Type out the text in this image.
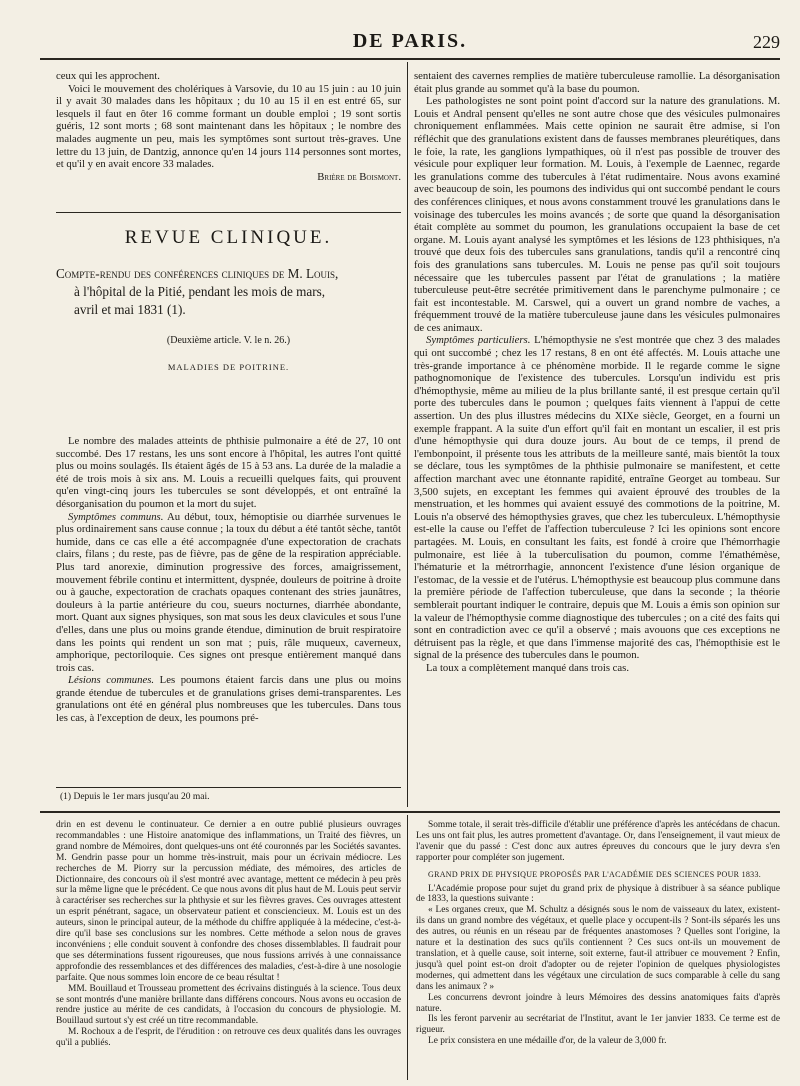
DE PARIS.	229

ceux qui les approchent.

Voici le mouvement des cholériques à Varsovie, du 10 au 15 juin : au 10 juin il y avait 30 malades dans les hôpitaux ; du 10 au 15 il en est entré 65, sur lesquels il faut en ôter 16 comme formant un double emploi ; 19 sont sortis guéris, 12 sont morts ; 68 sont maintenant dans les hôpitaux ; le nombre des malades augmente un peu, mais les symptômes sont surtout très-graves. Une lettre du 13 juin, de Dantzig, annonce qu'en 14 jours 114 personnes sont mortes, et qu'il y en avait encore 33 malades.

Brière de Boismont.

REVUE CLINIQUE.
Compte-rendu des conférences cliniques de M. Louis,
à l'hôpital de la Pitié, pendant les mois de mars,
avril et mai 1831 (1).
(Deuxième article. V. le n. 26.)
MALADIES DE POITRINE.

Le nombre des malades atteints de phthisie pulmonaire a été de 27, 10 ont succombé. Des 17 restans, les uns sont encore à l'hôpital, les autres l'ont quitté plus ou moins soulagés. Ils étaient âgés de 15 à 53 ans. La durée de la maladie a été de trois mois à six ans. M. Louis a recueilli quelques faits, qui prouvent qu'en vingt-cinq jours les tubercules se sont développés, et ont entraîné la désorganisation du poumon et la mort du sujet.

Symptômes communs. Au début, toux, hémoptisie ou diarrhée survenues le plus ordinairement sans cause connue ; la toux du début a été tantôt sèche, tantôt humide, dans ce cas elle a été accompagnée d'une expectoration de crachats clairs, filans ; du reste, pas de fièvre, pas de gêne de la respiration appréciable. Plus tard anorexie, diminution progressive des forces, amaigrissement, mouvement fébrile continu et intermittent, dyspnée, douleurs de poitrine à droite ou à gauche, expectoration de crachats opaques contenant des stries jaunâtres, douleurs à la partie antérieure du cou, sueurs nocturnes, diarrhée abondante, mort. Quant aux signes physiques, son mat sous les deux clavicules et sous l'une d'elles, dans une plus ou moins grande étendue, diminution de bruit respiratoire dans les points qui rendent un son mat ; puis, râle muqueux, caverneux, amphorique, pectoriloquie. Ces signes ont presque entièrement manqué dans trois cas.

Lésions communes. Les poumons étaient farcis dans une plus ou moins grande étendue de tubercules et de granulations grises demi-transparentes. Les granulations ont été en général plus nombreuses que les tubercules. Dans tous les cas, à l'exception de deux, les poumons pré-

sentaient des cavernes remplies de matière tuberculeuse ramollie. La désorganisation était plus grande au sommet qu'à la base du poumon.

Les pathologistes ne sont point point d'accord sur la nature des granulations. M. Louis et Andral pensent qu'elles ne sont autre chose que des vésicules pulmonaires chroniquement enflammées. Mais cette opinion ne saurait être admise, si l'on réfléchit que des granulations existent dans de fausses membranes pleurétiques, dans le foie, la rate, les ganglions lympathiques, où il n'est pas possible de trouver des vésicule pour expliquer leur formation. M. Louis, à l'exemple de Laennec, regarde les granulations comme des tubercules à l'état rudimentaire. Nous avons examiné avec beaucoup de soin, les poumons des individus qui ont succombé pendant le cours des conférences cliniques, et nous avons constamment trouvé les granulations dans le voisinage des tubercules les moins avancés ; de sorte que quand la désorganisation était complète au sommet du poumon, les granulations occupaient la base de cet organe. M. Louis ayant analysé les symptômes et les lésions de 123 phthisiques, n'a trouvé que deux fois des tubercules sans granulations, tandis qu'il a rencontré cinq fois des granulations sans tubercules. M. Louis ne pense pas qu'il soit toujours nécessaire que les tubercules passent par l'état de granulations ; la matière tuberculeuse peut-être secrétée primitivement dans le parenchyme pulmonaire ; ce fait est incontestable. M. Carswel, qui a ouvert un grand nombre de vaches, a fréquemment trouvé de la matière tuberculeuse jaune dans les vésicules pulmonaires de ces animaux.

Symptômes particuliers. L'hémopthysie ne s'est montrée que chez 3 des malades qui ont succombé ; chez les 17 restans, 8 en ont été affectés. M. Louis attache une très-grande importance à ce phénomène morbide. Il le regarde comme le signe pathognomonique de l'existence des tubercules. Lorsqu'un individu est pris d'hémopthysie, même au milieu de la plus brillante santé, il est presque certain qu'il porte des tubercules dans le poumon ; quelques faits viennent à l'appui de cette assertion. Un des plus illustres médecins du XIXe siècle, Georget, en a fourni un exemple frappant. A la suite d'un effort qu'il fait en montant un escalier, il est pris d'une hémopthysie qui dura douze jours. Au bout de ce temps, il prend de l'embonpoint, il présente tous les attributs de la meilleure santé, mais bientôt la toux se déclare, tous les symptômes de la phthisie pulmonaire se manifestent, et cette affection marchant avec une étonnante rapidité, entraîne Georget au tombeau. Sur 3,500 sujets, en exceptant les femmes qui avaient éprouvé des troubles de la menstruation, et les hommes qui avaient essuyé des commotions de la poitrine, M. Louis n'a observé des hémopthysies graves, que chez les tuberculeux. L'hémopthysie est-elle la cause ou l'effet de l'affection tuberculeuse ? Ici les opinions sont encore partagées. M. Louis, en consultant les faits, est fondé à croire que l'hémorrhagie pulmonaire, est liée à la tuberculisation du poumon, comme l'émathémèse, l'hématurie et la métrorrhagie, annoncent l'existence d'une lésion organique de l'estomac, de la vessie et de l'utérus. L'hémopthysie est beaucoup plus commune dans la première période de l'affection tuberculeuse, que dans la seconde ; la théorie semblerait pourtant indiquer le contraire, depuis que M. Louis a émis son opinion sur la valeur de l'hémopthysie comme diagnostique des tubercules ; on a cité des faits qui sont en contradiction avec ce qu'il a observé ; mais avouons que ces exceptions ne détruisent pas la règle, et que dans l'immense majorité des cas, l'hémopthisie est le signal de la présence des tubercules dans le poumon.

La toux a complètement manqué dans trois cas.

(1) Depuis le 1er mars jusqu'au 20 mai.

drin en est devenu le continuateur. Ce dernier a en outre publié plusieurs ouvrages recommandables : une Histoire anatomique des inflammations, un Traité des fièvres, un grand nombre de Mémoires, dont quelques-uns ont été couronnés par les Sociétés savantes. M. Gendrin passe pour un homme très-instruit, mais pour un écrivain médiocre. Les recherches de M. Piorry sur la percussion médiate, des mémoires, des articles de Dictionnaire, des concours où il s'est montré avec avantage, mettent ce médecin à peu près sur la même ligne que le précédent. Ce que nous avons dit plus haut de M. Louis peut servir à caractériser ses recherches sur la phthysie et sur les fièvres graves. Ces ouvrages attestent un esprit pénétrant, sagace, un observateur patient et consciencieux. M. Louis est un des auteurs, sinon le principal auteur, de la méthode du chiffre appliquée à la médecine, c'est-à-dire qu'il base ses conclusions sur les nombres. Cette méthode a selon nous de graves inconvéniens ; elle conduit souvent à confondre des choses dissemblables. Il faudrait pour que ses déterminations fussent rigoureuses, que nous fussions arrivés à une connaissance approfondie des ressemblances et des différences des maladies, c'est-à-dire à une nosologie parfaite. Que nous sommes loin encore de ce beau résultat !

MM. Bouillaud et Trousseau promettent des écrivains distingués à la science. Tous deux se sont montrés d'une manière brillante dans différens concours. Nous avons eu occasion de rendre justice au mérite de ces candidats, à l'occasion du concours de physiologie. M. Bouillaud surtout s'y est créé un titre recommandable.

M. Rochoux a de l'esprit, de l'érudition : on retrouve ces deux qualités dans les ouvrages qu'il a publiés.

Somme totale, il serait très-difficile d'établir une préférence d'après les antécédans de chacun. Les uns ont fait plus, les autres promettent d'avantage. Or, dans l'enseignement, il vaut mieux de l'avenir que du passé : C'est donc aux autres épreuves du concours que le jury devra s'en rapporter pour compléter son jugement.

GRAND PRIX DE PHYSIQUE PROPOSÉS PAR L'ACADÉMIE DES SCIENCES POUR 1833.

L'Académie propose pour sujet du grand prix de physique à distribuer à sa séance publique de 1833, la questions suivante :

« Les organes creux, que M. Schultz a désignés sous le nom de vaisseaux du latex, existent-ils dans un grand nombre des végétaux, et quelle place y occupent-ils ? Sont-ils séparés les uns des autres, ou réunis en un réseau par de fréquentes anastomoses ? Quelles sont l'origine, la nature et la destination des sucs qu'ils contiennent ? Ces sucs ont-ils un mouvement de translation, et à quelle cause, soit interne, soit externe, faut-il attribuer ce mouvement ? Enfin, jusqu'à quel point est-on droit d'adopter ou de rejeter l'opinion de quelques physiologistes modernes, qui admettent dans les végétaux une circulation de sucs comparable à celle du sang dans les animaux ? »

Les concurrens devront joindre à leurs Mémoires des dessins anatomiques faits d'après nature.

Ils les feront parvenir au secrétariat de l'Institut, avant le 1er janvier 1833. Ce terme est de rigueur.

Le prix consistera en une médaille d'or, de la valeur de 3,000 fr.
